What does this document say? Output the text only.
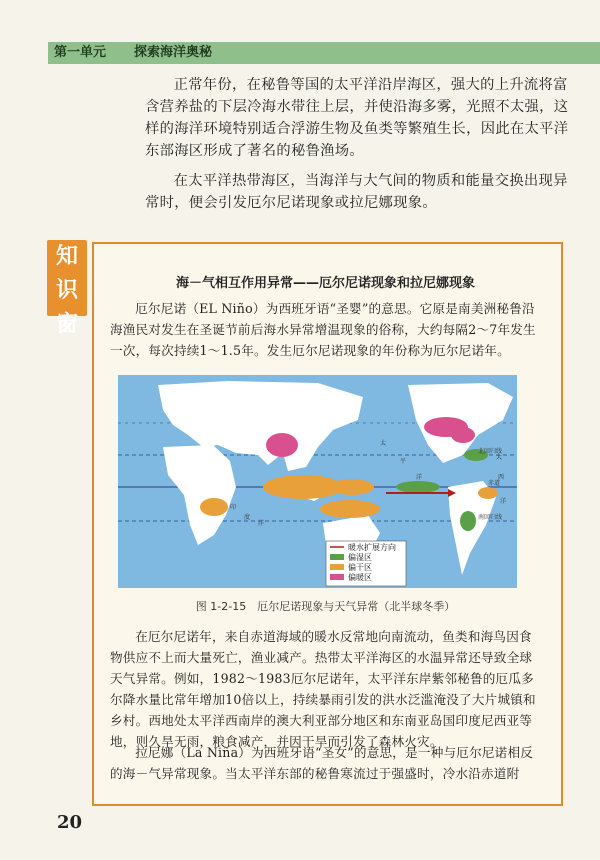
第一单元	探索海洋奥秘

正常年份，在秘鲁等国的太平洋沿岸海区，强大的上升流将富含营养盐的下层冷海水带往上层，并使沿海多雾，光照不太强，这样的海洋环境特别适合浮游生物及鱼类等繁殖生长，因此在太平洋东部海区形成了著名的秘鲁渔场。

在太平洋热带海区，当海洋与大气间的物质和能量交换出现异常时，便会引发厄尔尼诺现象或拉尼娜现象。

知
识
窗
海－气相互作用异常——厄尔尼诺现象和拉尼娜现象

厄尔尼诺（EL Niño）为西班牙语“圣婴”的意思。它原是南美洲秘鲁沿海渔民对发生在圣诞节前后海水异常增温现象的俗称，大约每隔2～7年发生一次，每次持续1～1.5年。发生厄尔尼诺现象的年份称为厄尔尼诺年。

太
平
洋
印
度
洋
大
西
洋
北回归线
赤道
南回归线
暖水扩展方向
偏湿区
偏干区
偏暖区
图 1-2-15　厄尔尼诺现象与天气异常（北半球冬季）

在厄尔尼诺年，来自赤道海域的暖水反常地向南流动，鱼类和海鸟因食物供应不上而大量死亡，渔业减产。热带太平洋海区的水温异常还导致全球天气异常。例如，1982～1983厄尔尼诺年，太平洋东岸紫邻秘鲁的厄瓜多尔降水量比常年增加10倍以上，持续暴雨引发的洪水泛滥淹没了大片城镇和乡村。西地处太平洋西南岸的澳大利亚部分地区和东南亚岛国印度尼西亚等地，则久旱无雨，粮食减产，并因干旱而引发了森林火灾。

拉尼娜（La Niña）为西班牙语“圣女”的意思，是一种与厄尔尼诺相反的海－气异常现象。当太平洋东部的秘鲁寒流过于强盛时，冷水沿赤道附

20
